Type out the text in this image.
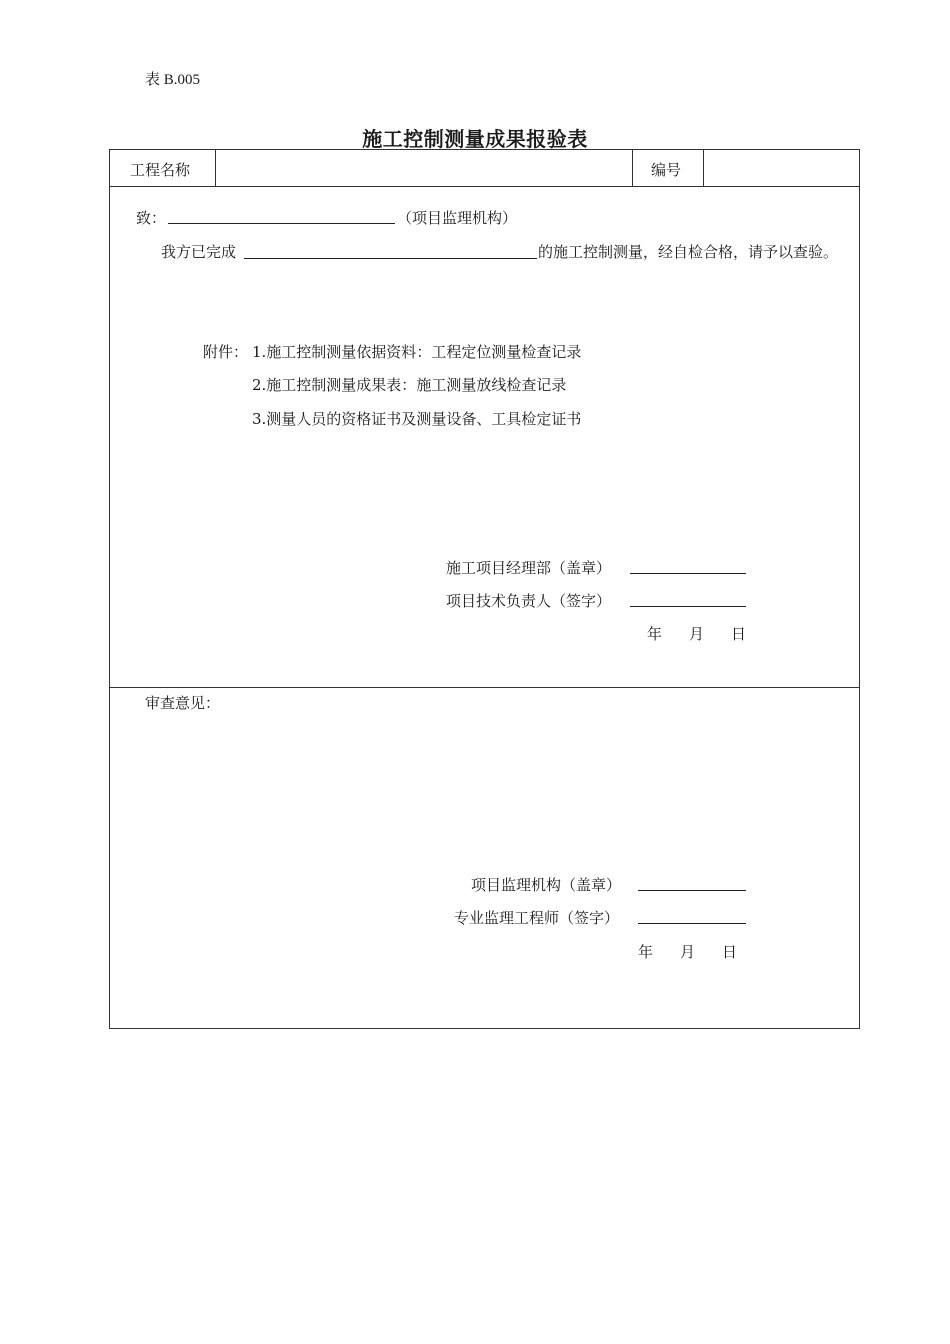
表 B.005
施工控制测量成果报验表
工程名称	编号
致：	（项目监理机构）
我方已完成	的施工控制测量，经自检合格，请予以查验。
附件： 1.施工控制测量依据资料：工程定位测量检查记录
2.施工控制测量成果表：施工测量放线检查记录
3.测量人员的资格证书及测量设备、工具检定证书
施工项目经理部（盖章）
项目技术负责人（签字）
年 月 日
审查意见：
项目监理机构（盖章）
专业监理工程师（签字）
年 月 日
